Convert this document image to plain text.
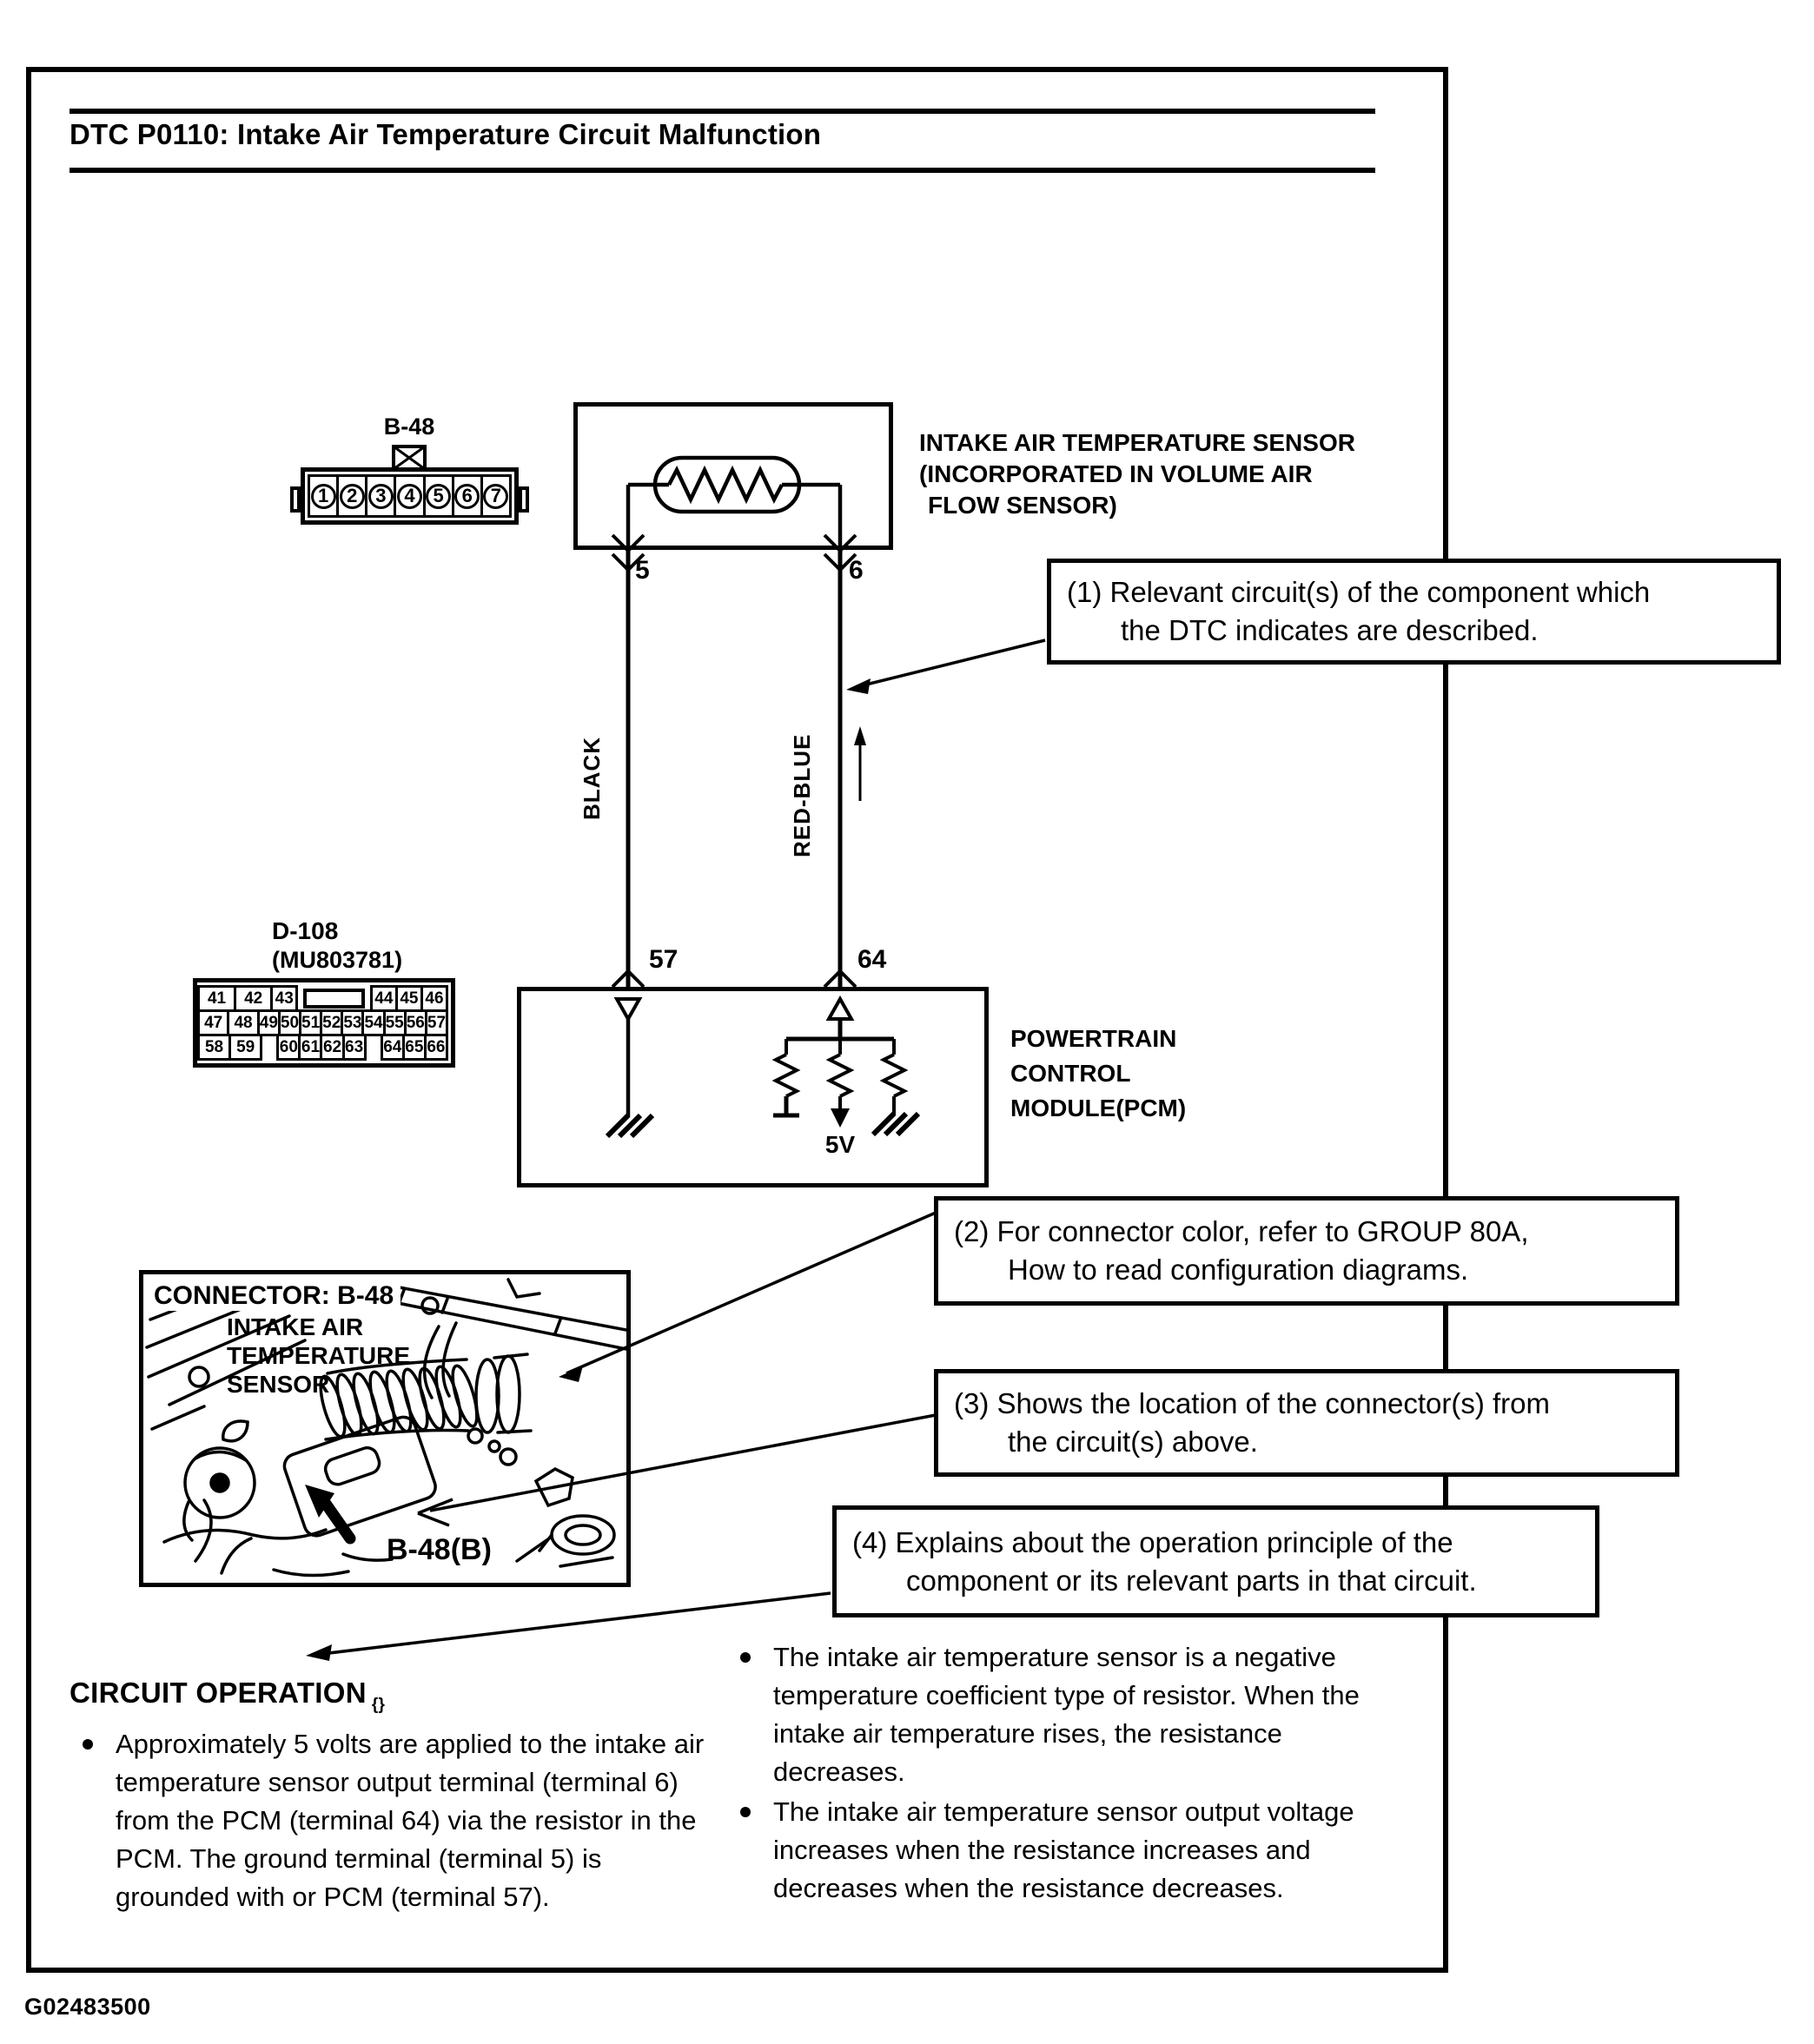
DTC P0110: Intake Air Temperature Circuit Malfunction
B-48
1 2 3 4 5 6 7
INTAKE AIR TEMPERATURE SENSOR
(INCORPORATED IN VOLUME AIR
FLOW SENSOR)
5	6
57	64
BLACK	RED-BLUE
POWERTRAIN
CONTROL
MODULE(PCM)
5V
D-108
(MU803781)
41	42 43	44 45 46
47 48 49 50 51 52 53 54 55 56 57
58 59	60 61 62 63 64 65 66
CONNECTOR: B-48
INTAKE AIR
TEMPERATURE
SENSOR
B-48(B)
(1) Relevant circuit(s) of the component which
the DTC indicates are described.
(2) For connector color, refer to GROUP 80A,
How to read configuration diagrams.
(3) Shows the location of the connector(s) from
the circuit(s) above.
(4) Explains about the operation principle of the
component or its relevant parts in that circuit.
CIRCUIT OPERATION $_{\{\}}$
Approximately 5 volts are applied to the intake air temperature sensor output terminal (terminal 6) from the PCM (terminal 64) via the resistor in the PCM. The ground terminal (terminal 5) is grounded with or PCM (terminal 57).
The intake air temperature sensor is a negative temperature coefficient type of resistor. When the intake air temperature rises, the resistance decreases.
The intake air temperature sensor output voltage increases when the resistance increases and decreases when the resistance decreases.
G02483500
